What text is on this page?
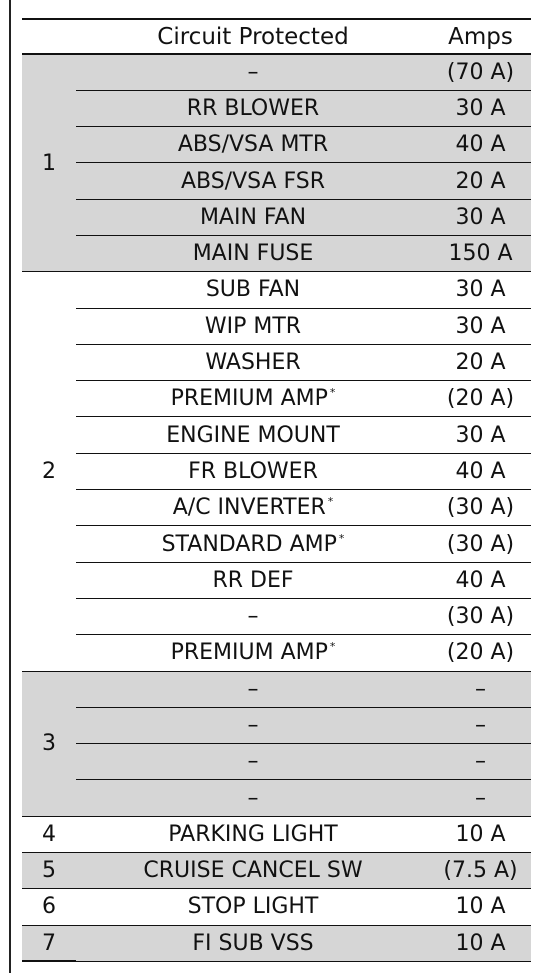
	Circuit Protected	Amps
1	–	(70 A)
	RR BLOWER	30 A
	ABS/VSA MTR	40 A
	ABS/VSA FSR	20 A
	MAIN FAN	30 A
	MAIN FUSE	150 A
2	SUB FAN	30 A
	WIP MTR	30 A
	WASHER	20 A
	PREMIUM AMP *	(20 A)
	ENGINE MOUNT	30 A
	FR BLOWER	40 A
	A/C INVERTER *	(30 A)
	STANDARD AMP *	(30 A)
	RR DEF	40 A
	–	(30 A)
	PREMIUM AMP *	(20 A)
3	–	–
	–	–
	–	–
	–	–
4	PARKING LIGHT	10 A
5	CRUISE CANCEL SW	(7.5 A)
6	STOP LIGHT	10 A
7	FI SUB VSS	10 A
